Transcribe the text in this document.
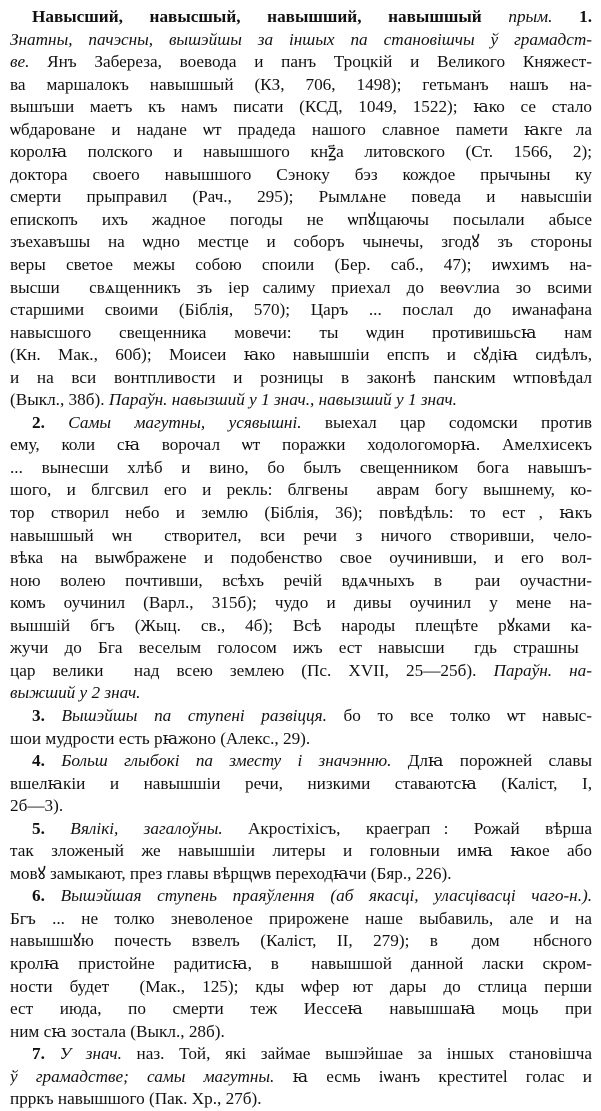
Навысший, навысшый, навышший, навышшый прым. 1.
Знатны, пачэсны, вышэйшы за іншых па становішчы ў грамадст-
ве. Янъ Забереза, воевода и панъ Троцкій и Великого Княжест-
ва маршалокъ навышшый (КЗ, 706, 1498); гетьманъ нашъ на-
вышъши маетъ къ намъ писати (КСД, 1049, 1522); ꙗко се стало
ѡбдароване и надане ѡт прадеда нашого славное памети ꙗкгеⷭла
королꙗ полского и навышшого кнꙁ҃а литовского (Ст. 1566, 2);
доктора своего навышшого Сэноку бэз кождое прычыны ку
смерти прыправил (Рач., 295); Рымлѧне поведа и навысшіи
епископъ ихъ жадное погоды не ѡпꙋщаючы посылали абысе
зъехавъшы на ѡдно местце и соборъ чынечы, згодꙋ зъ стороны
веры светое межы собою споили (Бер. саб., 47); иѡхимъ на-
высшиⷭ свѧщенникъ зъ іерꙋсалиму приехал до веѳѵлиа зо всими
старшими своими (Біблія, 570); Царъ ... послал до иѡанафана
навысшого свещенника мовечи: ты ѡдин противишьсꙗ нам
(Кн. Мак., 60б); Моисеи ꙗко навышшіи епспъ и сꙋдіꙗ сидѣлъ,
и на вси вонтпливости и розницы в законѣ панским ѡтповѣдал
(Выкл., 38б). Параўн. навызший у 1 знач., навызший у 1 знач.
2. Самы магутны, усявышні. выехал цар содомски против
ему, коли сꙗ ворочал ѡт поражки ходологоморꙗ. Амелхисекъ
... вынесши хлѣб и вино, бо былъ свещенником бога навышъ-
шого, и блгсвил его и рекль: блгвеныⷭ аврам богу вышнему, ко-
тор створил небо и землю (Біблія, 36); повѣдѣль: то естⷭ, ꙗкъ
навышшый ѡнⷭ створител, вси речи з ничого створивши, чело-
вѣка на выѡбражене и подобенство свое оучинивши, и его вол-
ною волею почтивши, всѣхъ речій вдѧчныхъ вⷭ раи оучастни-
комъ оучинил (Варл., 315б); чудо и дивы оучинил у мене на-
вышшій бгъ (Жыц. св., 4б); Всѣ народы плещѣте рꙋками ка-
жучи до Бга веселым голосом ижъ ест навысшиⷭ гдь страшныⷭ
цар великиⷭ над всею землею (Пс. XVII, 25—25б). Параўн. на-
выжший у 2 знач.
3. Вышэйшы па ступені развіцця. бо то все толко ѡт навыс-
шои мудрости есть рꙗжоно (Алекс., 29).
4. Больш глыбокі па зместу і значэнню. Длꙗ порожней славы
вшелꙗкіи и навышшіи речи, низкими ставаютсꙗ (Каліст, I,
2б—3).
5. Вялікі, загалоўны. Акростіхісъ, краеграпⷭ: Рожай вѣрша
так зложеный же навышшіи литеры и головныи имꙗ ꙗкое або
мовꙋ замыкают, през главы вѣрщѡв переходꙗчи (Бяр., 226).
6. Вышэйшая ступень праяўлення (аб якасці, уласцівасці чаго-н.).
Бгъ ... не толко зневоленое прирожене наше выбавиль, але и на
навышшꙋю почесть взвелъ (Каліст, II, 279); вⷭ домꙋ нбсного
кролꙗ пристойне радитисꙗ, вⷭ навышшой данной ласки скром-
ности будетⷭ (Мак., 125); кды ѡферꙋют дары до стлица перши
ест июда, по смерти теж Иессеꙗ навышшаꙗ моць при
ним сꙗ зостала (Выкл., 28б).
7. У знач. наз. Той, які займае вышэйшае за іншых становішча
ў грамадстве; самы магутны. ꙗ есмь іѡанъ креститеl голас и
прркъ навышшого (Пак. Хр., 27б).
